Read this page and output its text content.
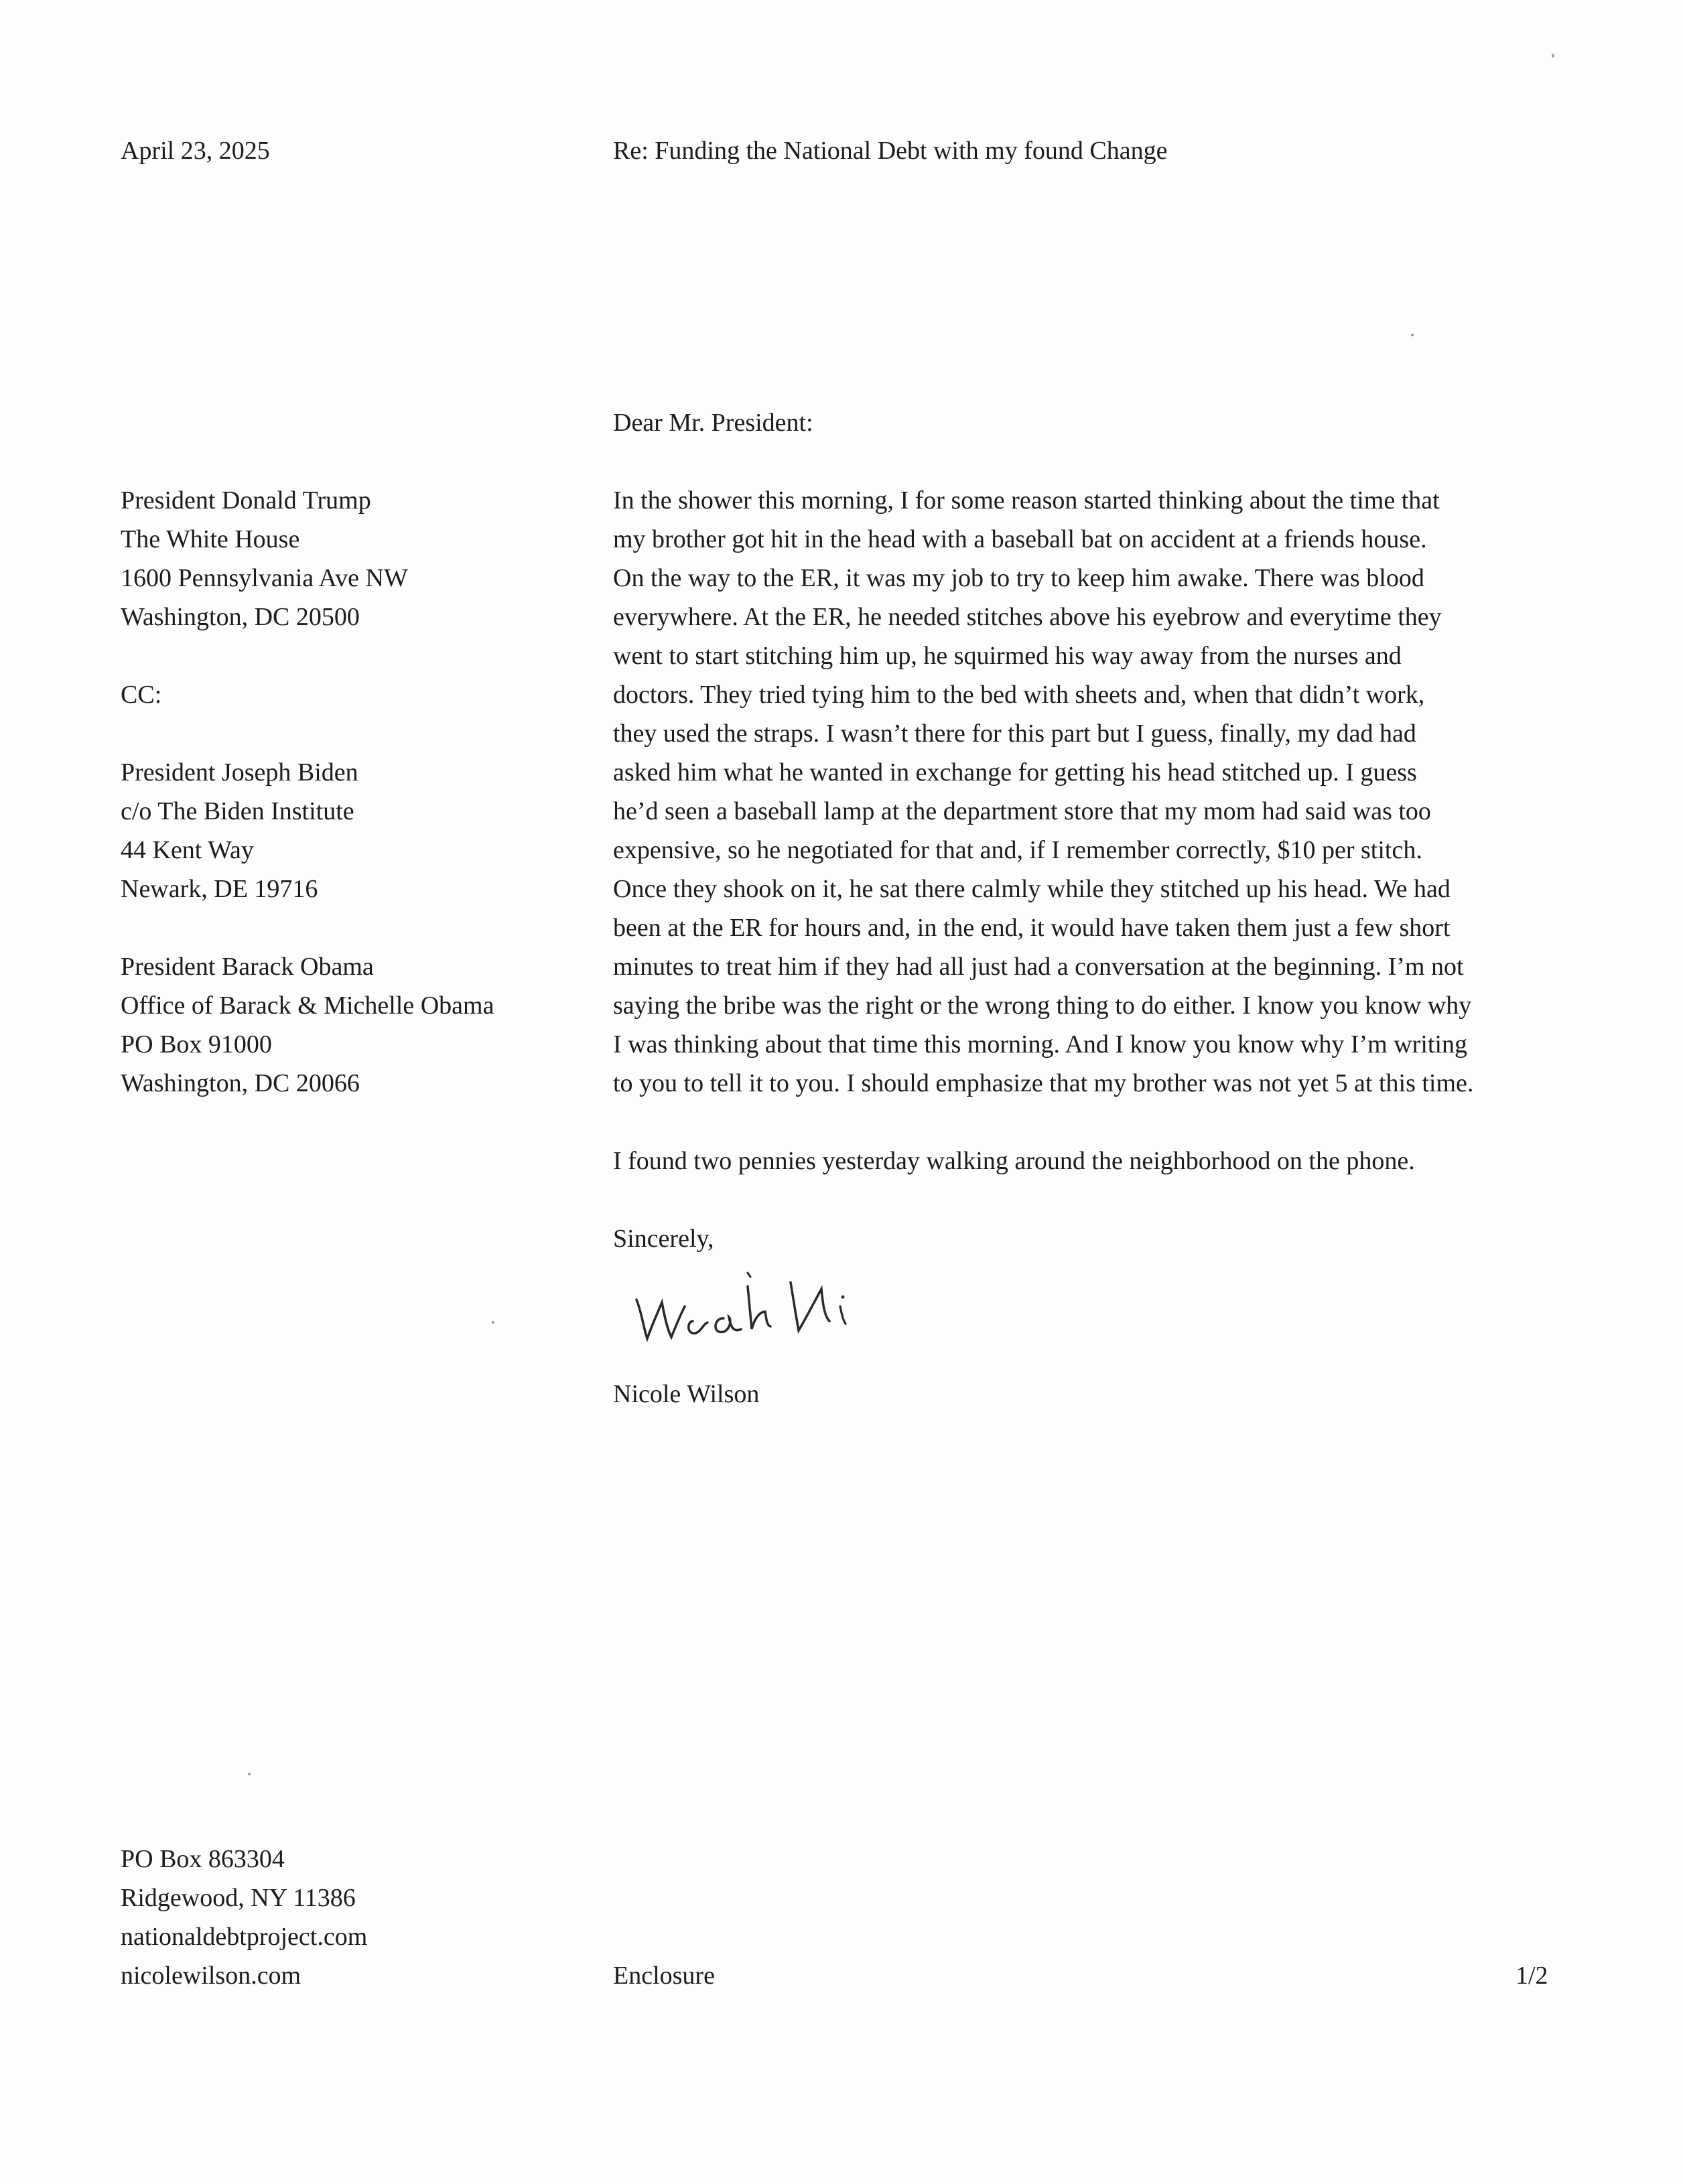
April 23, 2025	Re: Funding the National Debt with my found Change
Dear Mr. President:
President Donald Trump
The White House
1600 Pennsylvania Ave NW
Washington, DC 20500
CC:
President Joseph Biden
c/o The Biden Institute
44 Kent Way
Newark, DE 19716
President Barack Obama
Office of Barack & Michelle Obama
PO Box 91000
Washington, DC 20066
In the shower this morning, I for some reason started thinking about the time that
my brother got hit in the head with a baseball bat on accident at a friends house.
On the way to the ER, it was my job to try to keep him awake. There was blood
everywhere. At the ER, he needed stitches above his eyebrow and everytime they
went to start stitching him up, he squirmed his way away from the nurses and
doctors. They tried tying him to the bed with sheets and, when that didn’t work,
they used the straps. I wasn’t there for this part but I guess, finally, my dad had
asked him what he wanted in exchange for getting his head stitched up. I guess
he’d seen a baseball lamp at the department store that my mom had said was too
expensive, so he negotiated for that and, if I remember correctly, $10 per stitch.
Once they shook on it, he sat there calmly while they stitched up his head. We had
been at the ER for hours and, in the end, it would have taken them just a few short
minutes to treat him if they had all just had a conversation at the beginning. I’m not
saying the bribe was the right or the wrong thing to do either. I know you know why
I was thinking about that time this morning. And I know you know why I’m writing
to you to tell it to you. I should emphasize that my brother was not yet 5 at this time.
I found two pennies yesterday walking around the neighborhood on the phone.
Sincerely,
Nicole Wilson
PO Box 863304
Ridgewood, NY 11386
nationaldebtproject.com
nicolewilson.com	Enclosure	1/2
